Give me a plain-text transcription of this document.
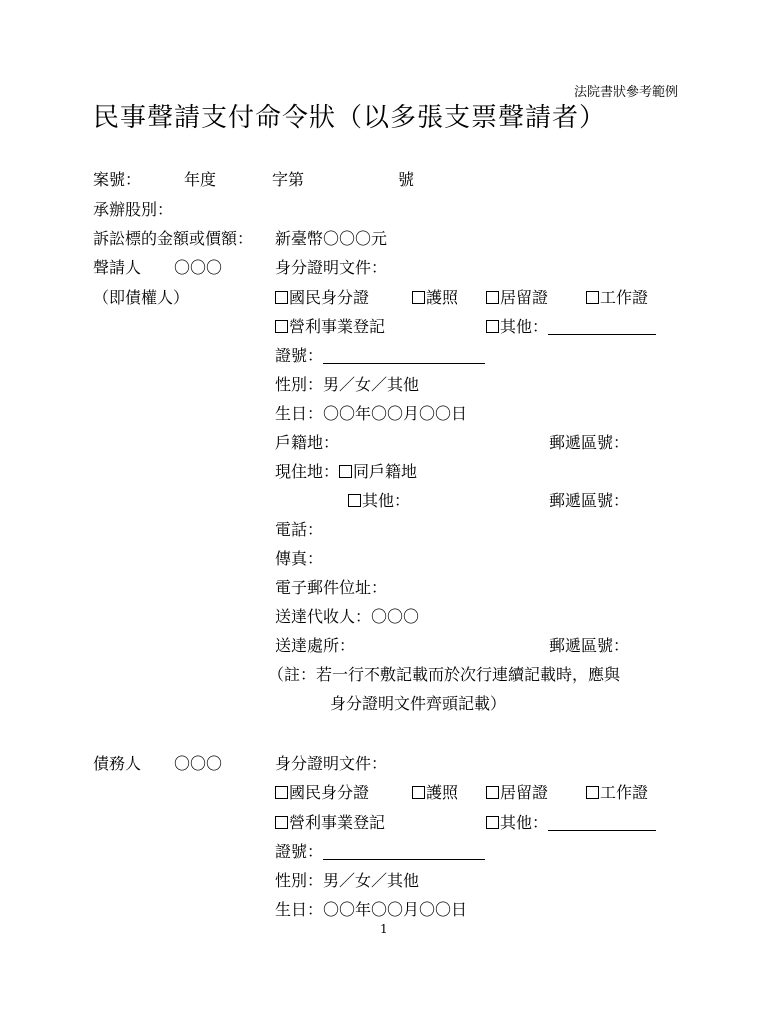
法院書狀參考範例
民事聲請支付命令狀（以多張支票聲請者）
案號：	年度	字第	號
承辦股別：
訴訟標的金額或價額： 新臺幣〇〇〇元
聲請人 〇〇〇	身分證明文件：
（即債權人）	國民身分證	護照	居留證	工作證
營利事業登記	其他：
證號：
性別：男／女／其他
生日：〇〇年〇〇月〇〇日
戶籍地：	郵遞區號：
現住地： 同戶籍地
其他：	郵遞區號：
電話：
傳真：
電子郵件位址：
送達代收人：〇〇〇
送達處所：	郵遞區號：
（註：若一行不敷記載而於次行連續記載時，應與
身分證明文件齊頭記載）
債務人 〇〇〇	身分證明文件：
國民身分證	護照	居留證	工作證
營利事業登記	其他：
證號：
性別：男／女／其他
生日：〇〇年〇〇月〇〇日
1
